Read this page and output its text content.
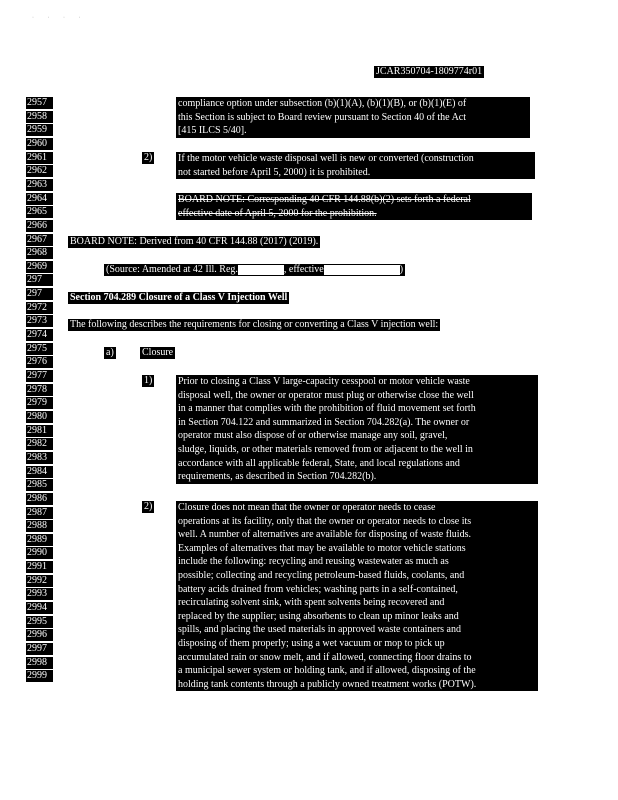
· · · ·
JCAR350704-1809774r01
2957
2958
2959
2960
2961
2962
2963
2964
2965
2966
2967
2968
2969
297
297
2972
2973
2974
2975
2976
2977
2978
2979
2980
2981
2982
2983
2984
2985
2986
2987
2988
2989
2990
2991
2992
2993
2994
2995
2996
2997
2998
2999

compliance option under subsection (b)(1)(A), (b)(1)(B), or (b)(1)(E) of

this Section is subject to Board review pursuant to Section 40 of the Act

[415 ILCS 5/40].

2)	If the motor vehicle waste disposal well is new or converted (construction

not started before April 5, 2000) it is prohibited.

BOARD NOTE: Corresponding 40 CFR 144.88(b)(2) sets forth a federal

effective date of April 5, 2000 for the prohibition.

BOARD NOTE: Derived from 40 CFR 144.88 (2017) (2019).
(Source: Amended at 42 Ill. Reg.	, effective	)
Section 704.289 Closure of a Class V Injection Well
The following describes the requirements for closing or converting a Class V injection well:
a)	Closure
1)	Prior to closing a Class V large-capacity cesspool or motor vehicle waste

disposal well, the owner or operator must plug or otherwise close the well

in a manner that complies with the prohibition of fluid movement set forth

in Section 704.122 and summarized in Section 704.282(a). The owner or

operator must also dispose of or otherwise manage any soil, gravel,

sludge, liquids, or other materials removed from or adjacent to the well in

accordance with all applicable federal, State, and local regulations and

requirements, as described in Section 704.282(b).

2)	Closure does not mean that the owner or operator needs to cease

operations at its facility, only that the owner or operator needs to close its

well. A number of alternatives are available for disposing of waste fluids.

Examples of alternatives that may be available to motor vehicle stations

include the following: recycling and reusing wastewater as much as

possible; collecting and recycling petroleum-based fluids, coolants, and

battery acids drained from vehicles; washing parts in a self-contained,

recirculating solvent sink, with spent solvents being recovered and

replaced by the supplier; using absorbents to clean up minor leaks and

spills, and placing the used materials in approved waste containers and

disposing of them properly; using a wet vacuum or mop to pick up

accumulated rain or snow melt, and if allowed, connecting floor drains to

a municipal sewer system or holding tank, and if allowed, disposing of the

holding tank contents through a publicly owned treatment works (POTW).
